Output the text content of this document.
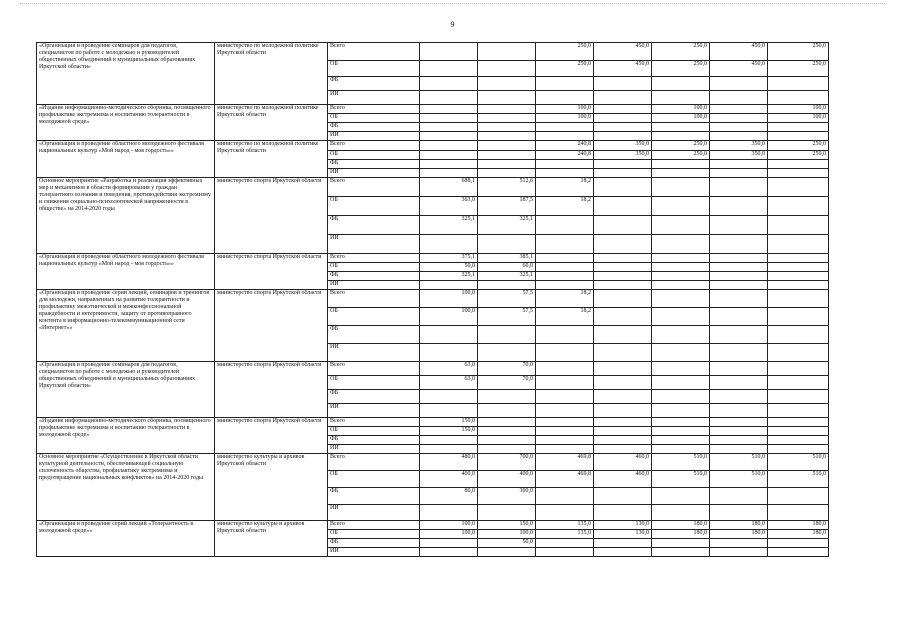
9
«Организация и проведение семинаров для педагогов, специалистов по работе с молодежью и руководителей общественных объединений в муниципальных образованиях Иркутской области»	министерство по молодежной политике Иркутской области	Всего			250,0	450,0	250,0	450,0	250,0
		ОБ			250,0	450,0	250,0	450,0	250,0
		ФБ							
		ИИ							
«Издание информационно-методического сборника, посвященного профилактике экстремизма и воспитанию толерантности в молодежной среде»	министерство по молодежной политике Иркутской области	Всего			100,0		100,0		100,0
		ОБ			100,0		100,0		100,0
		ФБ							
		ИИ							
«Организация и проведение областного молодежного фестиваля национальных культур «Мой народ - моя гордость»»	министерство по молодежной политике Иркутской области	Всего			240,8	350,0	250,0	350,0	250,0
		ОБ			240,8	350,0	250,0	350,0	250,0
		ФБ							
		ИИ							
Основное мероприятие «Разработка и реализация эффективных мер и механизмов в области формирования у граждан толерантного сознания и поведения, противодействия экстремизму и снижения социально-психологической напряженности в обществе» на 2014-2020 годы	министерство спорта Иркутской области	Всего	688,1	512,6	18,2				
		ОБ	363,0	187,5	18,2				
		ФБ	325,1	325,1					
		ИИ							
«Организация и проведение областного молодежного фестиваля национальных культур «Мой народ - моя гордость»»	министерство спорта Иркутской области	Всего	375,1	385,1					
		ОБ	50,0	60,0					
		ФБ	325,1	325,1					
		ИИ							
«Организация и проведение серии лекций, семинаров и тренингов для молодежи, направленных на развитие толерантности и профилактику межэтнической и межконфессиональной враждебности и нетерпимости, защиту от противоправного контента в информационно-телекоммуникационной сети «Интернет»»	министерство спорта Иркутской области	Всего	100,0	57,5	18,2				
		ОБ	100,0	57,5	18,2				
		ФБ							
		ИИ							
«Организация и проведение семинаров для педагогов, специалистов по работе с молодежью и руководителей общественных объединений в муниципальных образованиях Иркутской области»	министерство спорта Иркутской области	Всего	63,0	70,0					
		ОБ	63,0	70,0					
		ФБ							
		ИИ							
«Издание информационно-методического сборника, посвященного профилактике экстремизма и воспитанию толерантности в молодежной среде»	министерство спорта Иркутской области	Всего	150,0						
		ОБ	150,0						
		ФБ							
		ИИ							
Основное мероприятие «Осуществление в Иркутской области культурной деятельности, обеспечивающей социальную сплоченность общества, профилактику экстремизма и предотвращение национальных конфликтов» на 2014-2020 годы	министерство культуры и архивов Иркутской области	Всего	480,0	700,0	469,8	460,0	510,0	510,0	510,0
		ОБ	400,0	400,0	469,8	460,0	510,0	510,0	510,0
		ФБ	80,0	300,0					
		ИИ							
«Организация и проведение серий лекций «Толерантность в молодежной среде»»	министерство культуры и архивов Иркутской области	Всего	100,0	150,0	135,0	130,0	180,0	180,0	180,0
		ОБ	100,0	100,0	135,0	130,0	180,0	180,0	180,0
		ФБ		50,0					
		ИИ							
